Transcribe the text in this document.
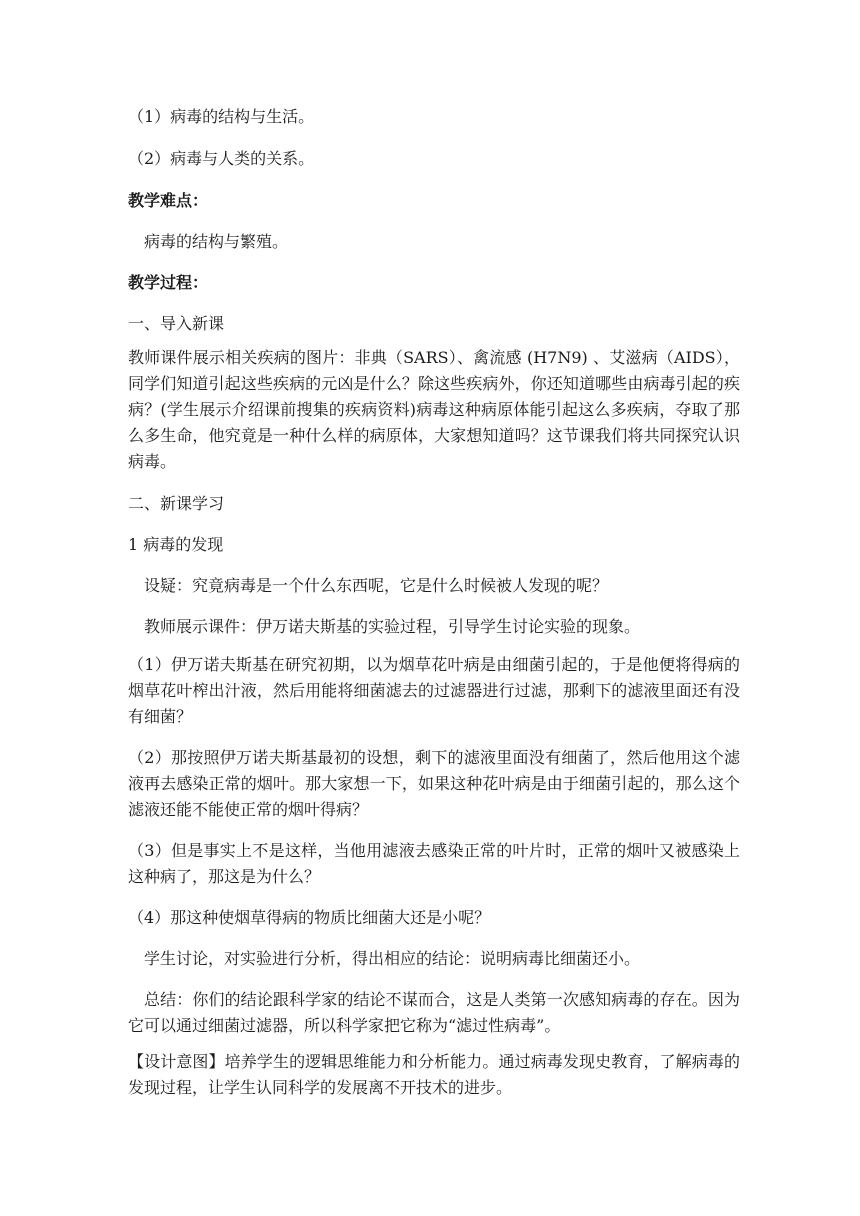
（1）病毒的结构与生活。
（2）病毒与人类的关系。
教学难点：
病毒的结构与繁殖。
教学过程：
一、导入新课
教师课件展示相关疾病的图片：非典（SARS）、禽流感 (H7N9) 、艾滋病（AIDS），同学们知道引起这些疾病的元凶是什么？除这些疾病外，你还知道哪些由病毒引起的疾病？(学生展示介绍课前搜集的疾病资料)病毒这种病原体能引起这么多疾病，夺取了那么多生命，他究竟是一种什么样的病原体，大家想知道吗？这节课我们将共同探究认识病毒。
二、新课学习
1 病毒的发现
设疑：究竟病毒是一个什么东西呢，它是什么时候被人发现的呢？
教师展示课件：伊万诺夫斯基的实验过程，引导学生讨论实验的现象。
（1）伊万诺夫斯基在研究初期，以为烟草花叶病是由细菌引起的，于是他便将得病的烟草花叶榨出汁液，然后用能将细菌滤去的过滤器进行过滤，那剩下的滤液里面还有没有细菌？
（2）那按照伊万诺夫斯基最初的设想，剩下的滤液里面没有细菌了，然后他用这个滤液再去感染正常的烟叶。那大家想一下，如果这种花叶病是由于细菌引起的，那么这个滤液还能不能使正常的烟叶得病？
（3）但是事实上不是这样，当他用滤液去感染正常的叶片时，正常的烟叶又被感染上这种病了，那这是为什么？
（4）那这种使烟草得病的物质比细菌大还是小呢？
学生讨论，对实验进行分析，得出相应的结论：说明病毒比细菌还小。
总结：你们的结论跟科学家的结论不谋而合，这是人类第一次感知病毒的存在。因为它可以通过细菌过滤器，所以科学家把它称为“滤过性病毒”。
【设计意图】培养学生的逻辑思维能力和分析能力。通过病毒发现史教育，了解病毒的发现过程，让学生认同科学的发展离不开技术的进步。
